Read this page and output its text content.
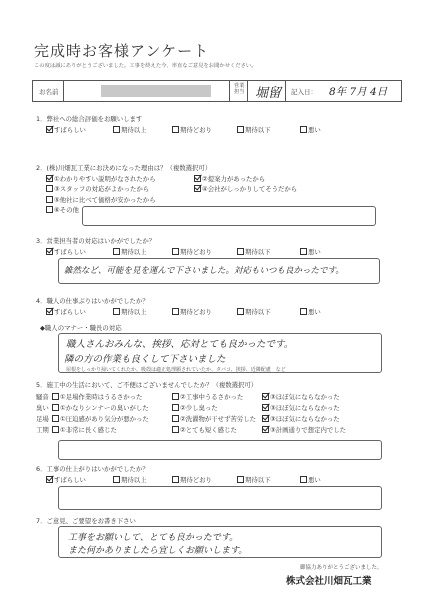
完成時お客様アンケート
この度は誠にありがとうございました。工事を終えた今、率直なご意見をお聞かせください。
お名前
営業担当 堀留 記入日： 8年 7月 4日
1．弊社への総合評価をお願いします
すばらしい	期待以上	期待どおり	期待以下	悪い
2．(株)川畑瓦工業にお決めになった理由は？（複数選択可）
①わかりやすい説明がなされたから	②提案力があったから
③スタッフの対応がよかったから	④会社がしっかりしてそうだから
⑤他社に比べて価格が安かったから
⑥その他
3．営業担当者の対応はいかがでしたか？
すばらしい	期待以上	期待どおり	期待以下	悪い
雑然など、可能を見を運んで下さいました。対応もいつも良かったです。
4．職人の仕事ぶりはいかがでしたか？
すばらしい	期待以上	期待どおり	期待以下	悪い
◆職人のマナー・職長の対応
職人さんおみんな、挨拶、応対とても良かったです。
隣の方の作業も良くして下さいました
屋根をしっかり掃いてくれたか、吸殻は適正処理願されていたか、タバコ、挨拶、近隣配慮　など
5．施工中の生活において、ご不便はございませんでしたか？（複数選択可）
騒音	①足場作業時はうるさかった	②工事中うるさかった	③ほぼ気にならなかった
臭い	①かなりシンナーの臭いがした	②少し臭った	③ほぼ気にならなかった
足場	①圧迫感があり気分が悪かった	②洗濯物が干せず苦労した	③ほぼ気にならなかった
工期	①非常に長く感じた	②とても短く感じた	③計画通りで想定内でした
6．工事の仕上がりはいかがでしたか？
すばらしい	期待以上	期待どおり	期待以下	悪い
7．ご意見、ご要望をお書き下さい
工事をお願いして、とても良かったです。
また何かありましたら宜しくお願いします。
御協力ありがとうございました。
株式会社川畑瓦工業
